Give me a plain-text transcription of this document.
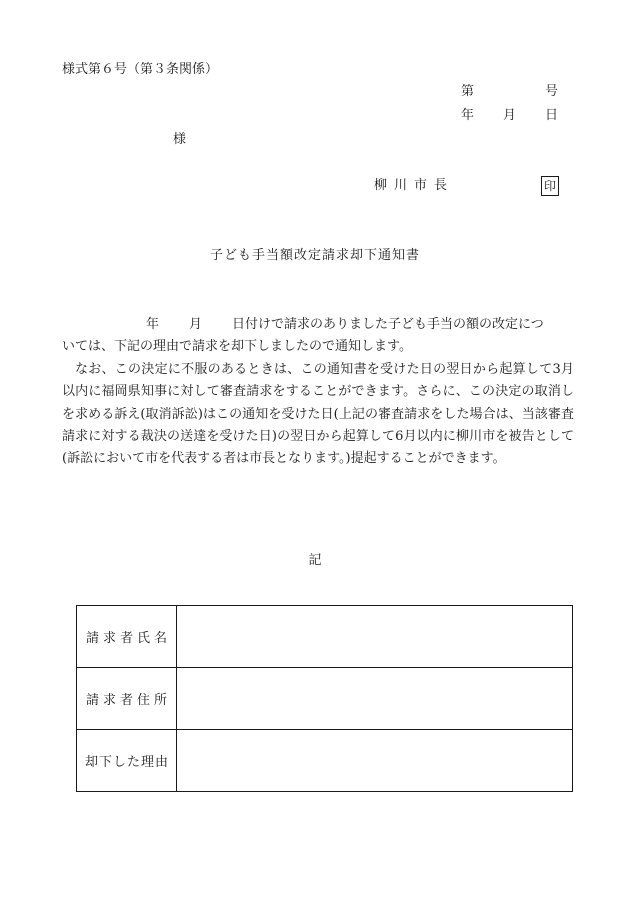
様式第６号（第３条関係）
第	号
年 月 日
様
柳川市長	印
子ども手当額改定請求却下通知書

年 月 日付けで請求のありました子ども手当の額の改定につ

いては、下記の理由で請求を却下しましたので通知します。

なお、この決定に不服のあるときは、この通知書を受けた日の翌日から起算して3月以内に福岡県知事に対して審査請求をすることができます。さらに、この決定の取消しを求める訴え(取消訴訟)はこの通知を受けた日(上記の審査請求をした場合は、当該審査請求に対する裁決の送達を受けた日)の翌日から起算して6月以内に柳川市を被告として(訴訟において市を代表する者は市長となります。)提起することができます。

記
請求者氏名	
請求者住所	
却下した理由	
